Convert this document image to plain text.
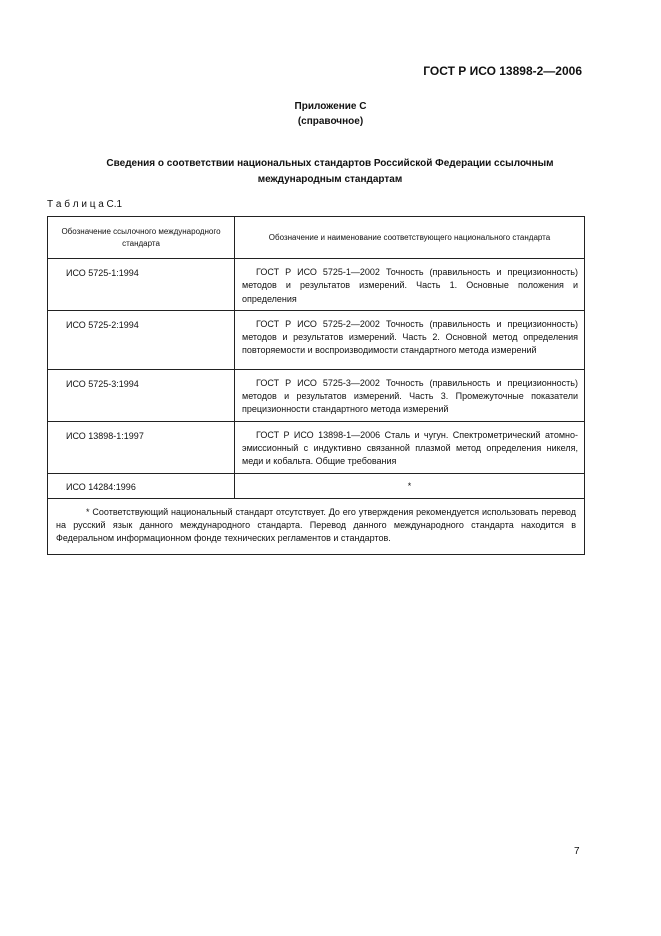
ГОСТ Р ИСО 13898-2—2006
Приложение С
(справочное)
Сведения о соответствии национальных стандартов Российской Федерации ссылочным
международным стандартам
Т а б л и ц а С.1
Обозначение ссылочного международного стандарта	Обозначение и наименование соответствующего национального стандарта
ИСО 5725-1:1994	ГОСТ Р ИСО 5725-1—2002 Точность (правильность и прецизионность) методов и результатов измерений. Часть 1. Основные положения и определения
ИСО 5725-2:1994	ГОСТ Р ИСО 5725-2—2002 Точность (правильность и прецизионность) методов и результатов измерений. Часть 2. Основной метод определения повторяемости и воспроизводимости стандартного метода измерений
ИСО 5725-3:1994	ГОСТ Р ИСО 5725-3—2002 Точность (правильность и прецизионность) методов и результатов измерений. Часть 3. Промежуточные показатели прецизионности стандартного метода измерений
ИСО 13898-1:1997	ГОСТ Р ИСО 13898-1—2006 Сталь и чугун. Спектрометрический атомно-эмиссионный с индуктивно связанной плазмой метод определения никеля, меди и кобальта. Общие требования
ИСО 14284:1996	*
* Соответствующий национальный стандарт отсутствует. До его утверждения рекомендуется использовать перевод на русский язык данного международного стандарта. Перевод данного международного стандарта находится в Федеральном информационном фонде технических регламентов и стандартов.	
7
